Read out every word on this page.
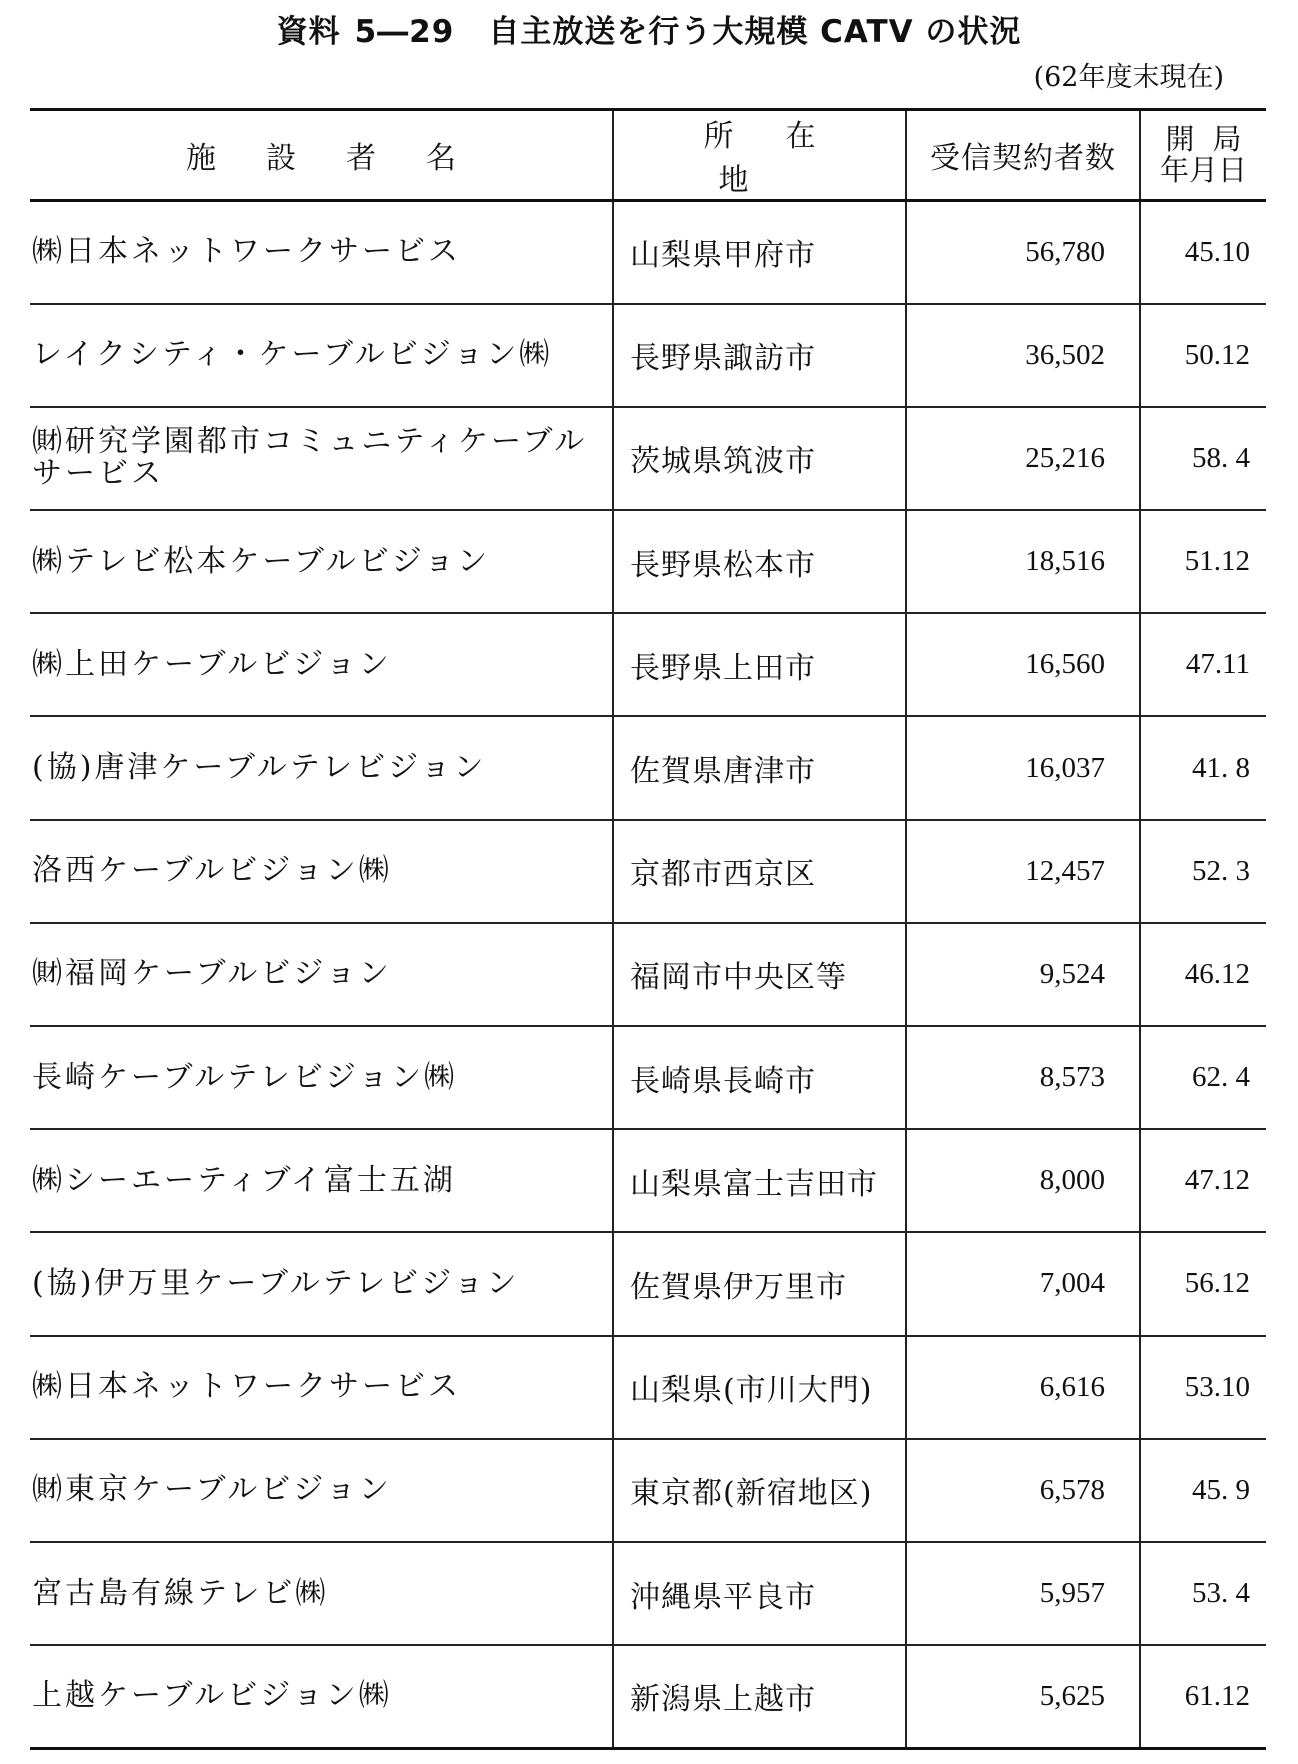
資料 5―29 自主放送を行う大規模 CATV の状況
(62年度末現在)
施設者名	所在地	受信契約者数	開局
年月日

㈱日本ネットワークサービス	山梨県甲府市	56,780	45.10
レイクシティ・ケーブルビジョン㈱	長野県諏訪市	36,502	50.12
㈶研究学園都市コミュニティケーブルサービス	茨城県筑波市	25,216	58. 4
㈱テレビ松本ケーブルビジョン	長野県松本市	18,516	51.12
㈱上田ケーブルビジョン	長野県上田市	16,560	47.11
(協)唐津ケーブルテレビジョン	佐賀県唐津市	16,037	41. 8
洛西ケーブルビジョン㈱	京都市西京区	12,457	52. 3
㈶福岡ケーブルビジョン	福岡市中央区等	9,524	46.12
長崎ケーブルテレビジョン㈱	長崎県長崎市	8,573	62. 4
㈱シーエーティブイ富士五湖	山梨県富士吉田市	8,000	47.12
(協)伊万里ケーブルテレビジョン	佐賀県伊万里市	7,004	56.12
㈱日本ネットワークサービス	山梨県(市川大門)	6,616	53.10
㈶東京ケーブルビジョン	東京都(新宿地区)	6,578	45. 9
宮古島有線テレビ㈱	沖縄県平良市	5,957	53. 4
上越ケーブルビジョン㈱	新潟県上越市	5,625	61.12
